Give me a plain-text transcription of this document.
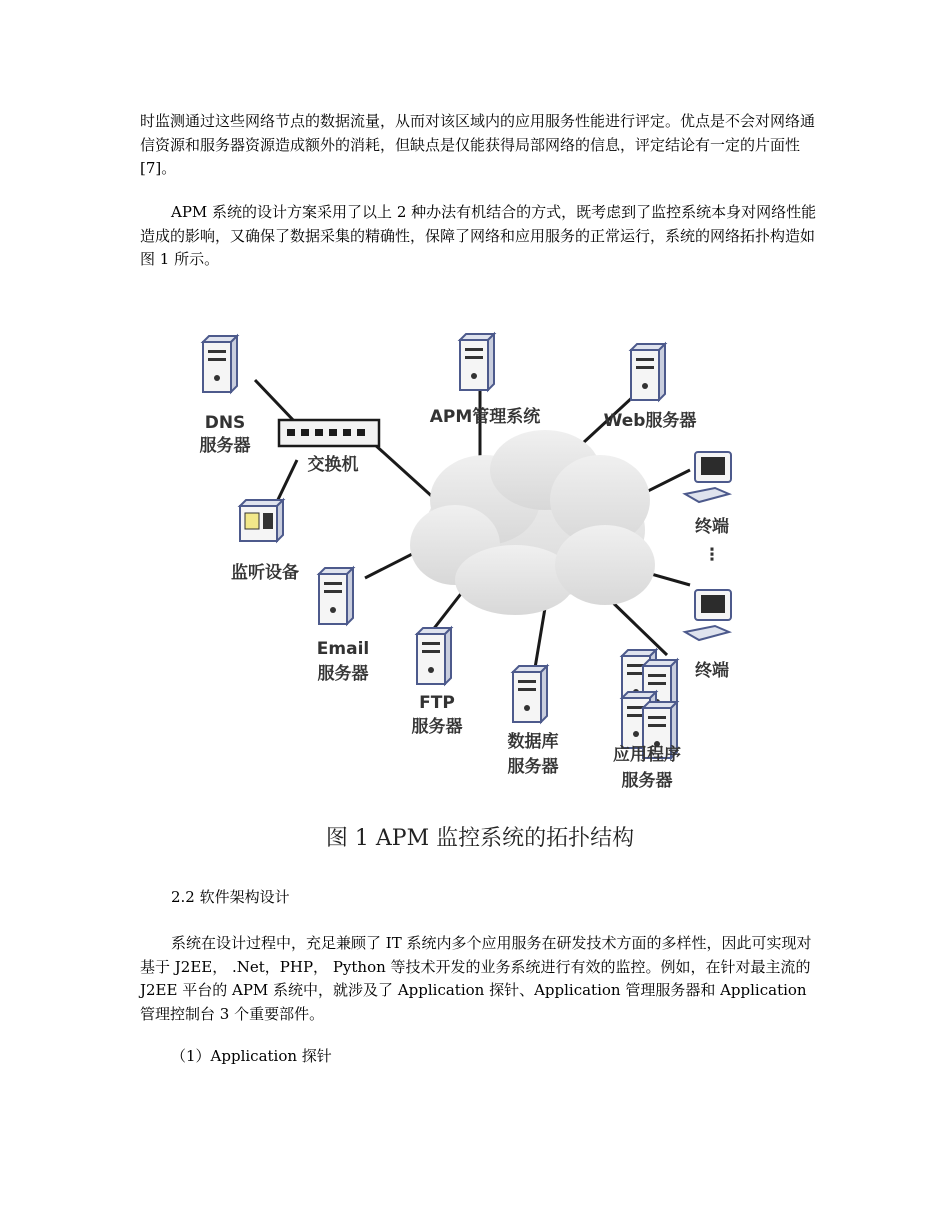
时监测通过这些网络节点的数据流量，从而对该区域内的应用服务性能进行评定。优点是不会对网络通信资源和服务器资源造成额外的消耗，但缺点是仅能获得局部网络的信息，评定结论有一定的片面性[7]。

APM 系统的设计方案采用了以上 2 种办法有机结合的方式，既考虑到了监控系统本身对网络性能造成的影响，又确保了数据采集的精确性，保障了网络和应用服务的正常运行，系统的网络拓扑构造如图 1 所示。

DNS
服务器
交换机
监听设备
APM管理系统	Web服务器
终端
⋮
终端
Email
服务器
FTP
服务器
数据库
服务器
应用程序
服务器
图 1 APM 监控系统的拓扑结构

2.2 软件架构设计

系统在设计过程中，充足兼顾了 IT 系统内多个应用服务在研发技术方面的多样性，因此可实现对基于 J2EE， .Net，PHP， Python 等技术开发的业务系统进行有效的监控。例如，在针对最主流的 J2EE 平台的 APM 系统中，就涉及了 Application 探针、Application 管理服务器和 Application 管理控制台 3 个重要部件。

（1）Application 探针
